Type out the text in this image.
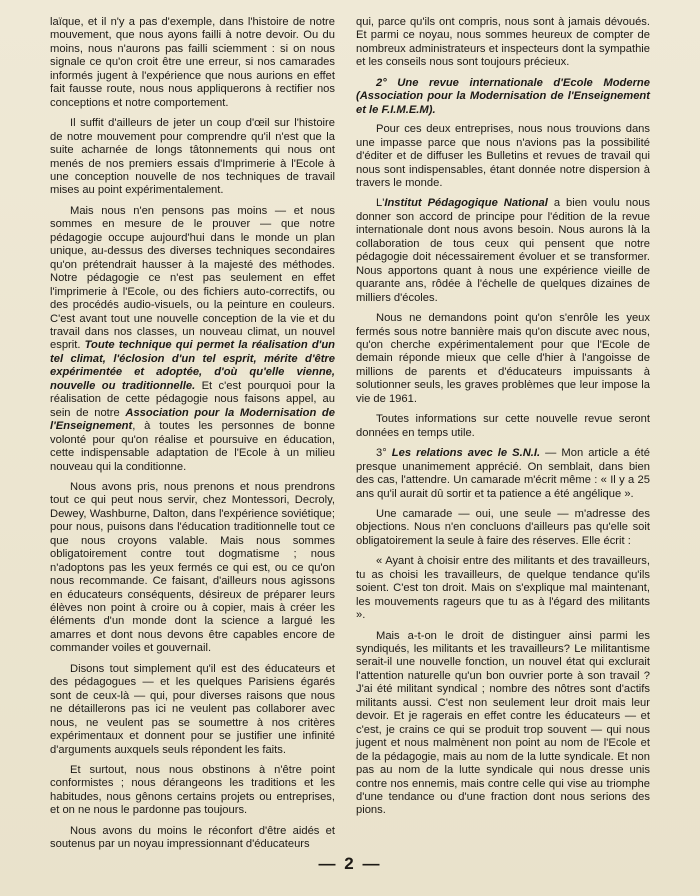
laïque, et il n'y a pas d'exemple, dans l'histoire de notre mouvement, que nous ayons failli à notre devoir. Ou du moins, nous n'aurons pas failli sciemment : si on nous signale ce qu'on croit être une erreur, si nos camarades informés jugent à l'expérience que nous aurions en effet fait fausse route, nous nous appliquerons à rectifier nos conceptions et notre comportement.

Il suffit d'ailleurs de jeter un coup d'œil sur l'histoire de notre mouvement pour comprendre qu'il n'est que la suite acharnée de longs tâtonnements qui nous ont menés de nos premiers essais d'Imprimerie à l'Ecole à une conception nouvelle de nos techniques de travail mises au point expérimentalement.

Mais nous n'en pensons pas moins — et nous sommes en mesure de le prouver — que notre pédagogie occupe aujourd'hui dans le monde un plan unique, au-dessus des diverses techniques secondaires qu'on prétendrait hausser à la majesté des méthodes. Notre pédagogie ce n'est pas seulement en effet l'imprimerie à l'Ecole, ou des fichiers auto-correctifs, ou des procédés audio-visuels, ou la peinture en couleurs. C'est avant tout une nouvelle conception de la vie et du travail dans nos classes, un nouveau climat, un nouvel esprit. Toute technique qui permet la réalisation d'un tel climat, l'éclosion d'un tel esprit, mérite d'être expérimentée et adoptée, d'où qu'elle vienne, nouvelle ou traditionnelle. Et c'est pourquoi pour la réalisation de cette pédagogie nous faisons appel, au sein de notre Association pour la Modernisation de l'Enseignement, à toutes les personnes de bonne volonté pour qu'on réalise et poursuive en éducation, cette indispensable adaptation de l'Ecole à un milieu nouveau qui la conditionne.

Nous avons pris, nous prenons et nous prendrons tout ce qui peut nous servir, chez Montessori, Decroly, Dewey, Washburne, Dalton, dans l'expérience soviétique; pour nous, puisons dans l'éducation traditionnelle tout ce que nous croyons valable. Mais nous sommes obligatoirement contre tout dogmatisme ; nous n'adoptons pas les yeux fermés ce qui est, ou ce qu'on nous recommande. Ce faisant, d'ailleurs nous agissons en éducateurs conséquents, désireux de préparer leurs élèves non point à croire ou à copier, mais à créer les éléments d'un monde dont la science a largué les amarres et dont nous devons être capables encore de commander voiles et gouvernail.

Disons tout simplement qu'il est des éducateurs et des pédagogues — et les quelques Parisiens égarés sont de ceux-là — qui, pour diverses raisons que nous ne détaillerons pas ici ne veulent pas collaborer avec nous, ne veulent pas se soumettre à nos critères expérimentaux et donnent pour se justifier une infinité d'arguments auxquels seuls répondent les faits.

Et surtout, nous nous obstinons à n'être point conformistes ; nous dérangeons les traditions et les habitudes, nous gênons certains projets ou entreprises, et on ne nous le pardonne pas toujours.

Nous avons du moins le réconfort d'être aidés et soutenus par un noyau impressionnant d'éducateurs

qui, parce qu'ils ont compris, nous sont à jamais dévoués. Et parmi ce noyau, nous sommes heureux de compter de nombreux administrateurs et inspecteurs dont la sympathie et les conseils nous sont toujours précieux.

2° Une revue internationale d'Ecole Moderne (Association pour la Modernisation de l'Enseignement et le F.I.M.E.M).

Pour ces deux entreprises, nous nous trouvions dans une impasse parce que nous n'avions pas la possibilité d'éditer et de diffuser les Bulletins et revues de travail qui nous sont indispensables, étant donnée notre dispersion à travers le monde.

L'Institut Pédagogique National a bien voulu nous donner son accord de principe pour l'édition de la revue internationale dont nous avons besoin. Nous aurons là la collaboration de tous ceux qui pensent que notre pédagogie doit nécessairement évoluer et se transformer. Nous apportons quant à nous une expérience vieille de quarante ans, rôdée à l'échelle de quelques dizaines de milliers d'écoles.

Nous ne demandons point qu'on s'enrôle les yeux fermés sous notre bannière mais qu'on discute avec nous, qu'on cherche expérimentalement pour que l'Ecole de demain réponde mieux que celle d'hier à l'angoisse de millions de parents et d'éducateurs impuissants à solutionner seuls, les graves problèmes que leur impose la vie de 1961.

Toutes informations sur cette nouvelle revue seront données en temps utile.

3° Les relations avec le S.N.I. — Mon article a été presque unanimement apprécié. On semblait, dans bien des cas, l'attendre. Un camarade m'écrit même : « Il y a 25 ans qu'il aurait dû sortir et ta patience a été angélique ».

Une camarade — oui, une seule — m'adresse des objections. Nous n'en concluons d'ailleurs pas qu'elle soit obligatoirement la seule à faire des réserves. Elle écrit :

« Ayant à choisir entre des militants et des travailleurs, tu as choisi les travailleurs, de quelque tendance qu'ils soient. C'est ton droit. Mais on s'explique mal maintenant, les mouvements rageurs que tu as à l'égard des militants ».

Mais a-t-on le droit de distinguer ainsi parmi les syndiqués, les militants et les travailleurs? Le militantisme serait-il une nouvelle fonction, un nouvel état qui exclurait l'attention naturelle qu'un bon ouvrier porte à son travail ? J'ai été militant syndical ; nombre des nôtres sont d'actifs militants aussi. C'est non seulement leur droit mais leur devoir. Et je ragerais en effet contre les éducateurs — et c'est, je crains ce qui se produit trop souvent — qui nous jugent et nous malmènent non point au nom de l'Ecole et de la pédagogie, mais au nom de la lutte syndicale. Et non pas au nom de la lutte syndicale qui nous dresse unis contre nos ennemis, mais contre celle qui vise au triomphe d'une tendance ou d'une fraction dont nous serions des pions.

— 2 —
